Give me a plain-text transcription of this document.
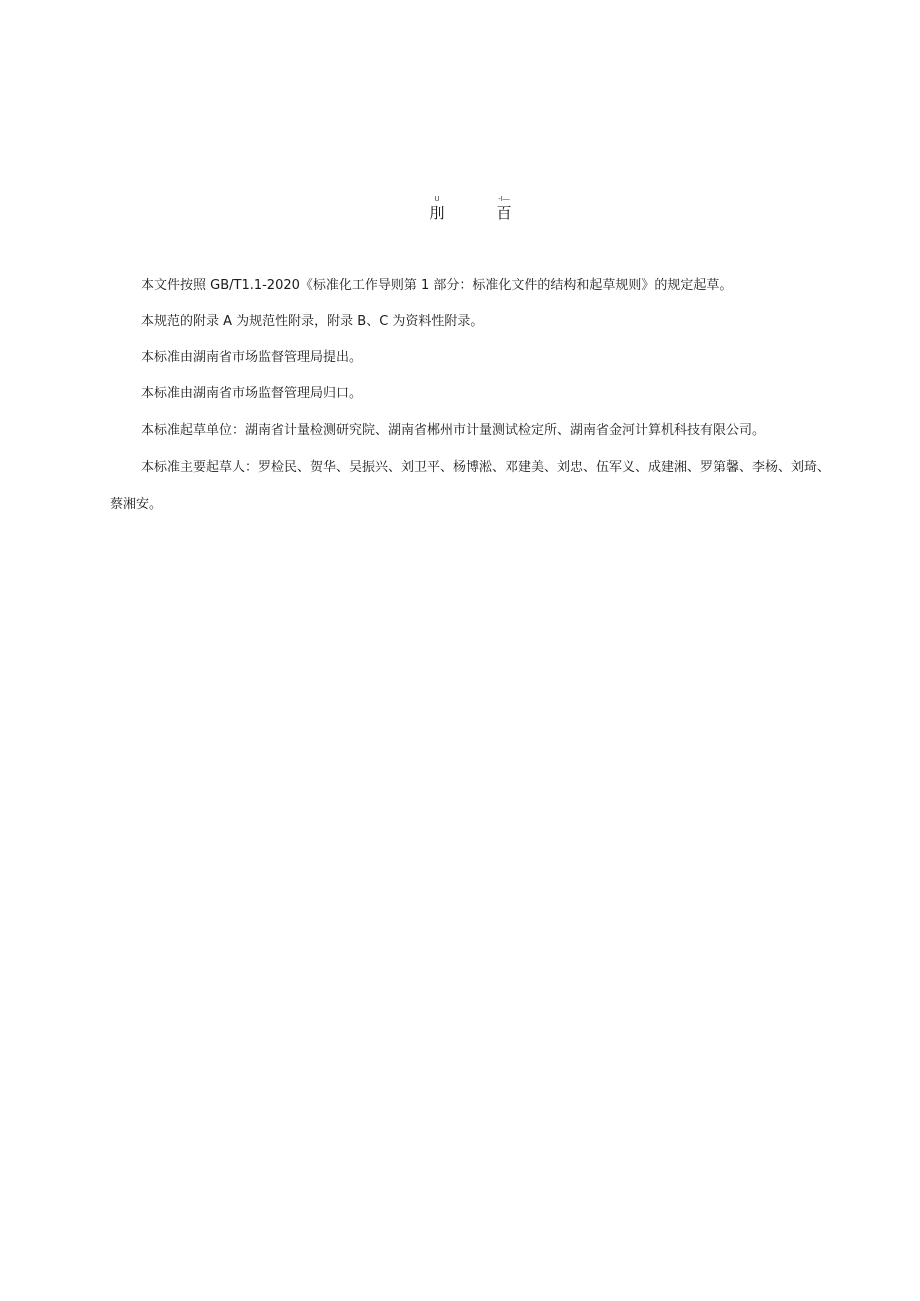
U
刖
-I—
百

本文件按照 GB/T1.1-2020《标准化工作导则第 1 部分：标准化文件的结构和起草规则》的规定起草。

本规范的附录 A 为规范性附录，附录 B、C 为资料性附录。

本标准由湖南省市场监督管理局提出。

本标准由湖南省市场监督管理局归口。

本标准起草单位：湖南省计量检测研究院、湖南省郴州市计量测试检定所、湖南省金河计算机科技有限公司。

本标准主要起草人：罗检民、贺华、吴振兴、刘卫平、杨博淞、邓建美、刘忠、伍军义、成建湘、罗第馨、李杨、刘琦、蔡湘安。
